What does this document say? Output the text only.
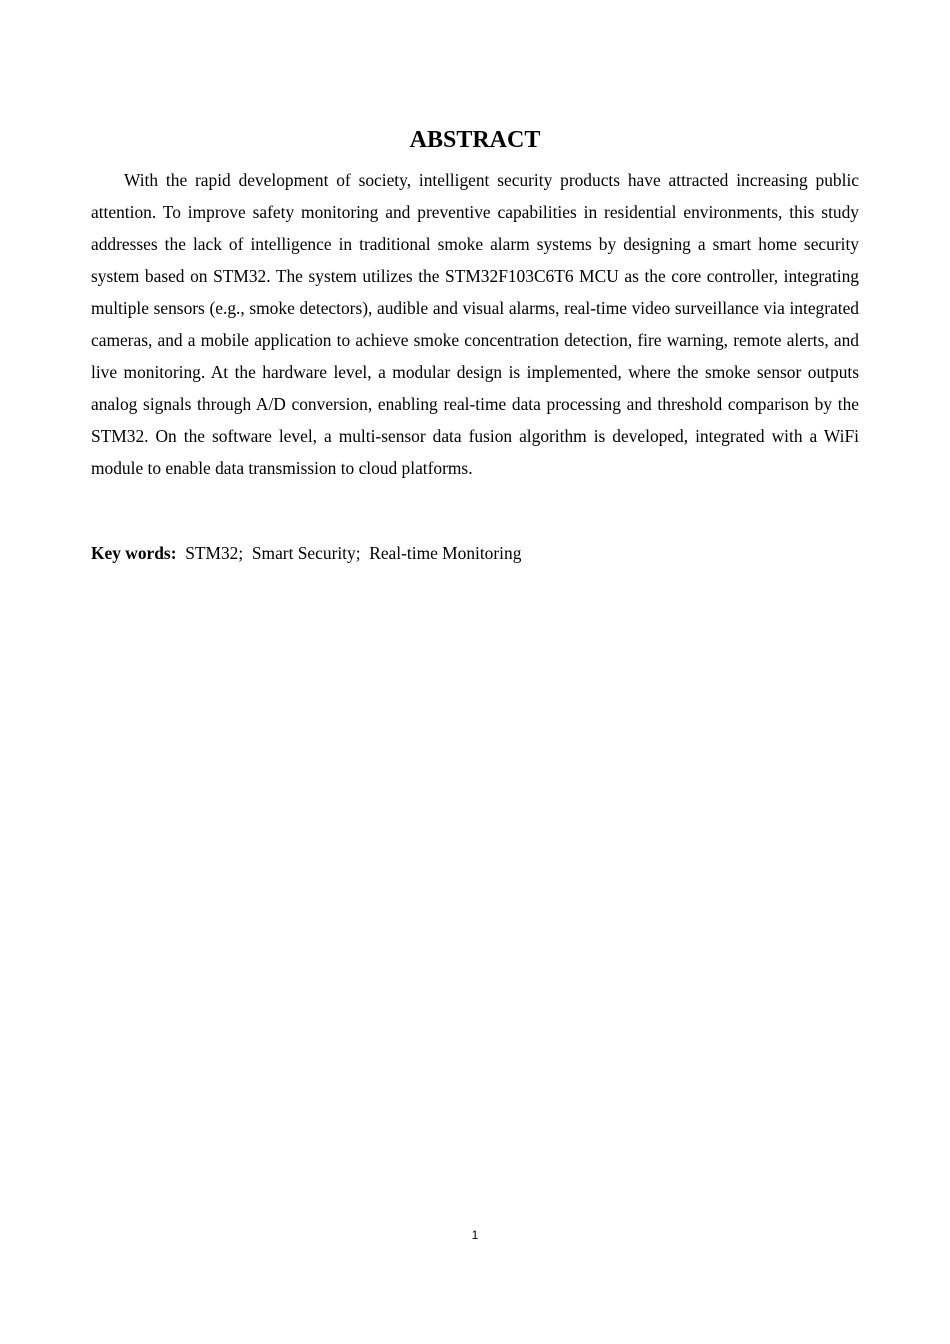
ABSTRACT

With the rapid development of society, intelligent security products have attracted increasing public attention. To improve safety monitoring and preventive capabilities in residential environments, this study addresses the lack of intelligence in traditional smoke alarm systems by designing a smart home security system based on STM32. The system utilizes the STM32F103C6T6 MCU as the core controller, integrating multiple sensors (e.g., smoke detectors), audible and visual alarms, real-time video surveillance via integrated cameras, and a mobile application to achieve smoke concentration detection, fire warning, remote alerts, and live monitoring. At the hardware level, a modular design is implemented, where the smoke sensor outputs analog signals through A/D conversion, enabling real-time data processing and threshold comparison by the STM32. On the software level, a multi-sensor data fusion algorithm is developed, integrated with a WiFi module to enable data transmission to cloud platforms.

Key words:  STM32;  Smart Security;  Real-time Monitoring

1
